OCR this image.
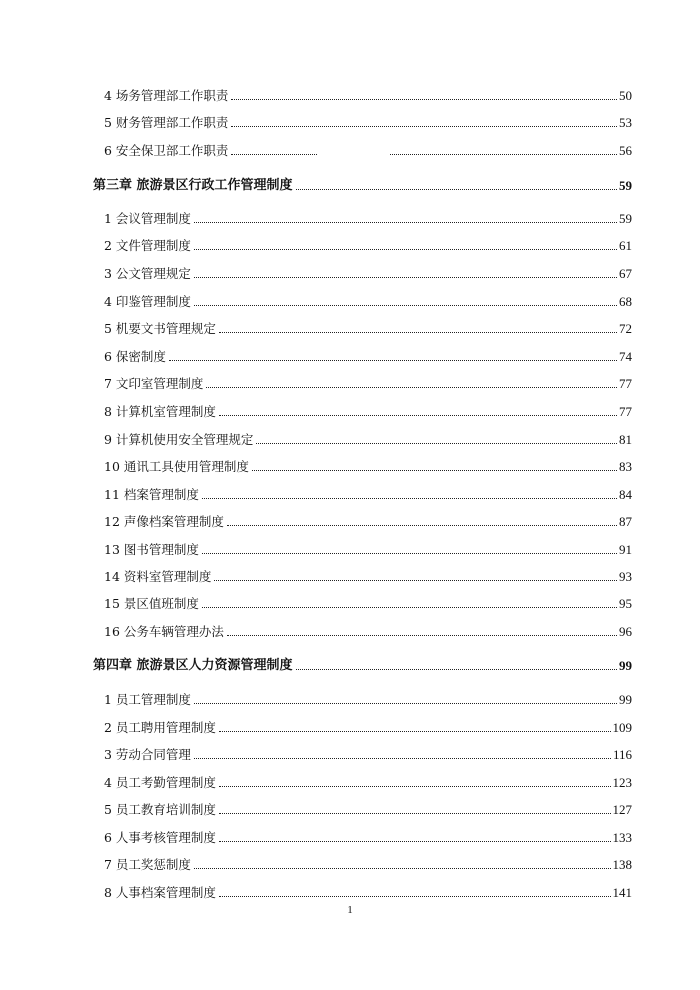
4 场务管理部工作职责	50
5 财务管理部工作职责	53
6 安全保卫部工作职责	56
第三章 旅游景区行政工作管理制度	59
1 会议管理制度	59
2 文件管理制度	61
3 公文管理规定	67
4 印鉴管理制度	68
5 机要文书管理规定	72
6 保密制度	74
7 文印室管理制度	77
8 计算机室管理制度	77
9 计算机使用安全管理规定	81
10 通讯工具使用管理制度	83
11 档案管理制度	84
12 声像档案管理制度	87
13 图书管理制度	91
14 资料室管理制度	93
15 景区值班制度	95
16 公务车辆管理办法	96
第四章 旅游景区人力资源管理制度	99
1 员工管理制度	99
2 员工聘用管理制度	109
3 劳动合同管理	116
4 员工考勤管理制度	123
5 员工教育培训制度	127
6 人事考核管理制度	133
7 员工奖惩制度	138
8 人事档案管理制度	141
1
